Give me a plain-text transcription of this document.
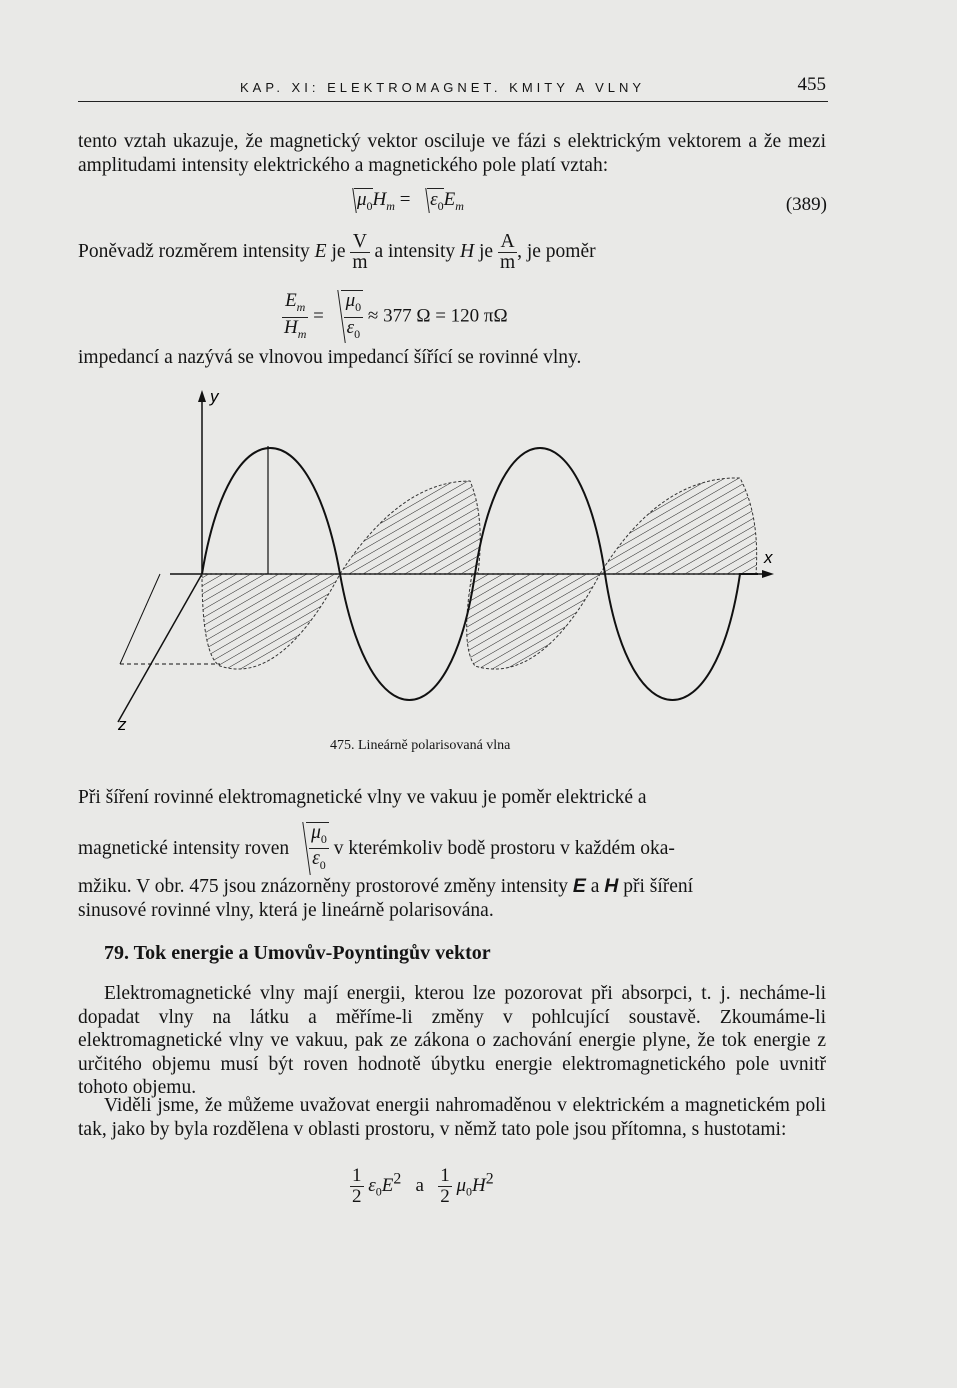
KAP. XI: ELEKTROMAGNET. KMITY A VLNY	455
tento vztah ukazuje, že magnetický vektor osciluje ve fázi s elektrickým vektorem a že mezi amplitudami intensity elektrického a magnetického pole platí vztah:
$\mu_0H_m = \varepsilon_0E_m$	(389)
Poněvadž rozměrem intensity E je $\frac{V}{m}$ a intensity H je $\frac{A}{m}$ , je poměr
$\frac{E_m}{H_m} = \frac{\mu_0}{\varepsilon_0} \approx 377$ Ω = 120 πΩ
impedancí a nazývá se vlnovou impedancí šířící se rovinné vlny.
y
x
z
475. Lineárně polarisovaná vlna
Při šíření rovinné elektromagnetické vlny ve vakuu je poměr elektrické a
magnetické intensity roven $\frac{\mu_0}{\varepsilon_0}$ v kterémkoliv bodě prostoru v každém oka-
mžiku. V obr. 475 jsou znázorněny prostorové změny intensity E a H při šíření
sinusové rovinné vlny, která je lineárně polarisována.
79. Tok energie a Umovův-Poyntingův vektor
Elektromagnetické vlny mají energii, kterou lze pozorovat při absorpci, t. j. necháme-li dopadat vlny na látku a měříme-li změny v pohlcující soustavě. Zkoumáme-li elektromagnetické vlny ve vakuu, pak ze zákona o zachování energie plyne, že tok energie z určitého objemu musí být roven hodnotě úbytku energie elektromagnetického pole uvnitř tohoto objemu.
Viděli jsme, že můžeme uvažovat energii nahromaděnou v elektrickém a magnetickém poli tak, jako by byla rozdělena v oblasti prostoru, v němž tato pole jsou přítomna, s hustotami:
$\frac{1}{2} \varepsilon_0E^2$ a $\frac{1}{2} \mu_0H^2$
